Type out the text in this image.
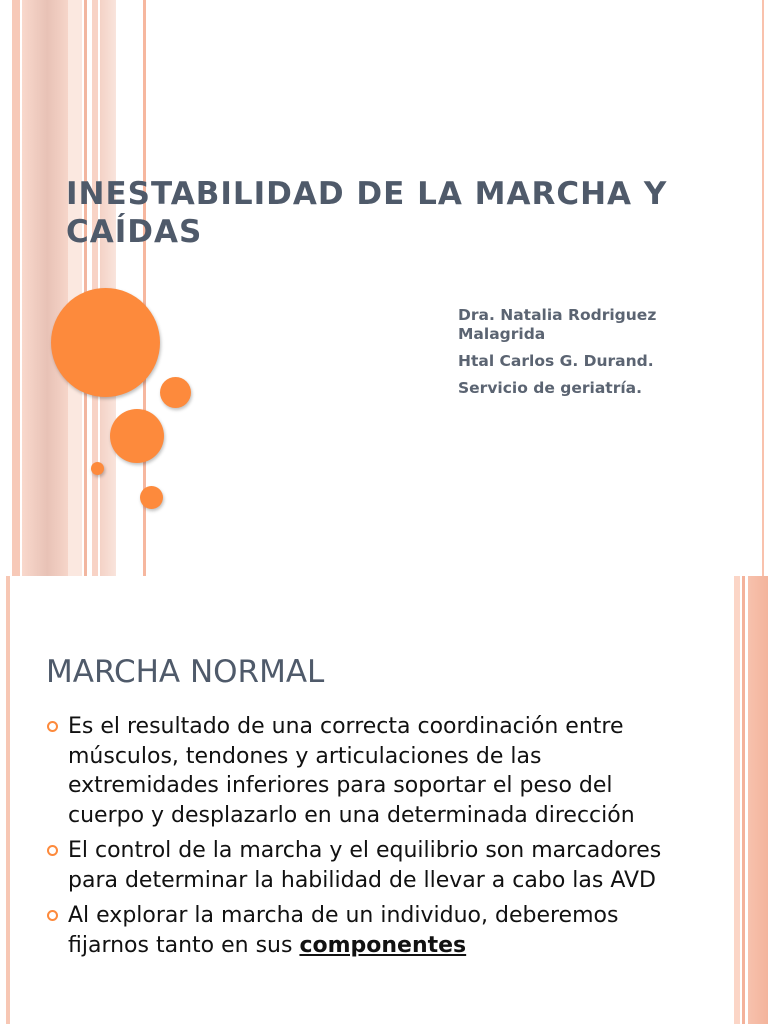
INESTABILIDAD DE LA MARCHA Y
CAÍDAS
Dra. Natalia Rodriguez Malagrida
Htal Carlos G. Durand.
Servicio de geriatría.
MARCHA NORMAL
Es el resultado de una correcta coordinación entre músculos, tendones y articulaciones de las extremidades inferiores para soportar el peso del cuerpo y desplazarlo en una determinada dirección
El control de la marcha y el equilibrio son marcadores para determinar la habilidad de llevar a cabo las AVD
Al explorar la marcha de un individuo, deberemos fijarnos tanto en sus componentes
